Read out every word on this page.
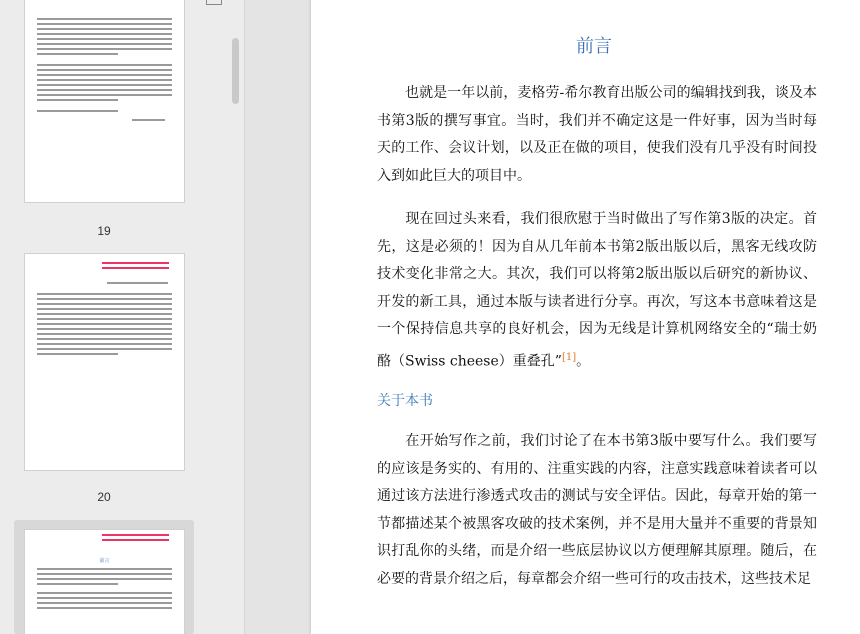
19
20
前言
前言
也就是一年以前，麦格劳-希尔教育出版公司的编辑找到我，谈及本书第3版的撰写事宜。当时，我们并不确定这是一件好事，因为当时每天的工作、会议计划，以及正在做的项目，使我们没有几乎没有时间投入到如此巨大的项目中。
现在回过头来看，我们很欣慰于当时做出了写作第3版的决定。首先，这是必须的！因为自从几年前本书第2版出版以后，黑客无线攻防技术变化非常之大。其次，我们可以将第2版出版以后研究的新协议、开发的新工具，通过本版与读者进行分享。再次，写这本书意味着这是一个保持信息共享的良好机会，因为无线是计算机网络安全的“瑞士奶酪（Swiss cheese）重叠孔”[1]。
关于本书
在开始写作之前，我们讨论了在本书第3版中要写什么。我们要写的应该是务实的、有用的、注重实践的内容，注意实践意味着读者可以通过该方法进行渗透式攻击的测试与安全评估。因此，每章开始的第一节都描述某个被黑客攻破的技术案例，并不是用大量并不重要的背景知识打乱你的头绪，而是介绍一些底层协议以方便理解其原理。随后，在必要的背景介绍之后，每章都会介绍一些可行的攻击技术，这些技术足
